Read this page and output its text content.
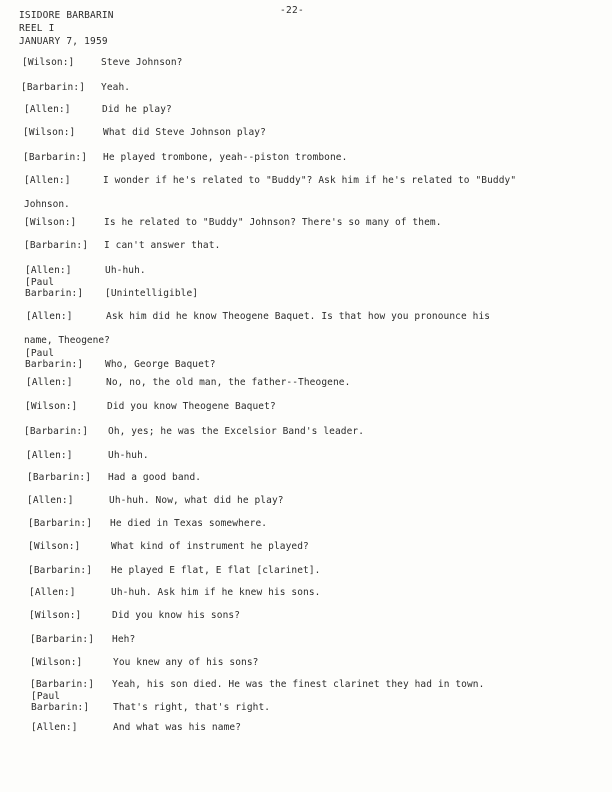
-22-
ISIDORE BARBARIN
REEL I
JANUARY 7, 1959
[Wilson:]	Steve Johnson?
[Barbarin:] Yeah.
[Allen:]	Did he play?
[Wilson:]	What did Steve Johnson play?
[Barbarin:] He played trombone, yeah--piston trombone.
[Allen:]	I wonder if he's related to "Buddy"? Ask him if he's related to "Buddy"
Johnson.
[Wilson:]	Is he related to "Buddy" Johnson? There's so many of them.
[Barbarin:] I can't answer that.
[Allen:]	Uh-huh.
[Paul
Barbarin:] [Unintelligible]
[Allen:]	Ask him did he know Theogene Baquet. Is that how you pronounce his
name, Theogene?
[Paul
Barbarin:] Who, George Baquet?
[Allen:]	No, no, the old man, the father--Theogene.
[Wilson:]	Did you know Theogene Baquet?
[Barbarin:] Oh, yes; he was the Excelsior Band's leader.
[Allen:]	Uh-huh.
[Barbarin:] Had a good band.
[Allen:]	Uh-huh. Now, what did he play?
[Barbarin:] He died in Texas somewhere.
[Wilson:]	What kind of instrument he played?
[Barbarin:] He played E flat, E flat [clarinet].
[Allen:]	Uh-huh. Ask him if he knew his sons.
[Wilson:]	Did you know his sons?
[Barbarin:] Heh?
[Wilson:]	You knew any of his sons?
[Barbarin:] Yeah, his son died. He was the finest clarinet they had in town.
[Paul
Barbarin:]	That's right, that's right.
[Allen:]	And what was his name?
